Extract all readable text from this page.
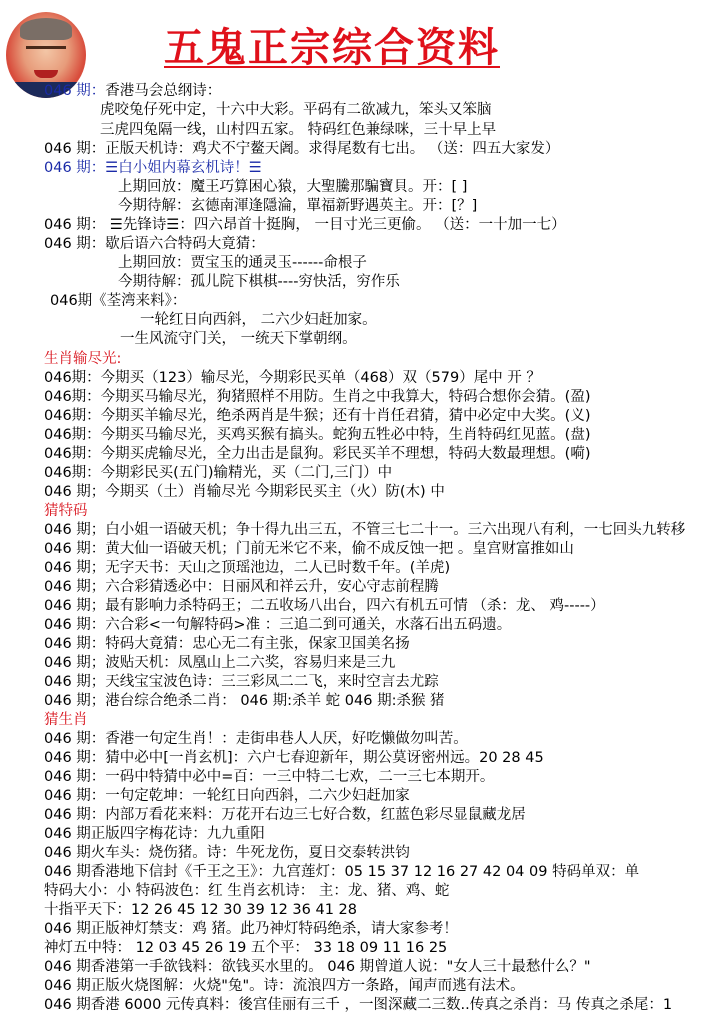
五鬼正宗综合资料
046 期：香港马会总纲诗：
虎咬兔仔死中定，十六中大彩。平码有二欲减九，笨头又笨脑
三虎四兔隔一线，山村四五家。 特码红色兼绿咪，三十早上早
046 期：正版天机诗：鸡犬不宁鳌天阇。求得尾数有七出。 （送：四五大家发）
046 期：☰白小姐内幕玄机诗！☰
上期回放：魔王巧算困心猿，大聖騰那騙寶貝。开：[ ]
今期待解：玄德南渾逢隱淪，單福新野遇英主。开：[？]
046 期： ☰先锋诗☰：四六昂首十挺胸， 一目寸光三更偷。 （送：一十加一七）
046 期：歇后语六合特码大竟猜：
上期回放：贾宝玉的通灵玉------命根子
今期待解：孤儿院下棋棋----穷快活，穷作乐
046期《荃湾来料》：
一轮红日向西斜， 二六少妇赶加家。
一生风流守门关， 一统天下掌朝纲。
生肖输尽光:
046期：今期买（123）输尽光，今期彩民买单（468）双（579）尾中 开 ？
046期：今期买马输尽光，狗猪照样不用防。生肖之中我算大，特码合想你会猜。(盈)
046期：今期买羊输尽光，绝杀两肖是牛猴；还有十肖任君猜，猜中必定中大奖。(义)
046期：今期买马输尽光，买鸡买猴有搞头。蛇狗五牲必中特，生肖特码红见蓝。(盘)
046期：今期买虎输尽光，全力出击是鼠狗。彩民买羊不理想，特码大数最理想。(嗬)
046期：今期彩民买(五门)输精光，买（二门,三门）中
046 期；今期买（土）肖输尽光 今期彩民买主（火）防(木) 中
猜特码
046 期；白小姐一语破天机；争十得九出三五，不管三七二十一。三六出现八有利，一七回头九转移
046 期：黄大仙一语破天机；门前无米它不来，偷不成反蚀一把 。皇宫财富推如山
046 期；无字天书：天山之顶瑶池边，二人已时数千年。(羊虎)
046 期；六合彩猜透必中：日丽风和祥云升，安心守志前程腾
046 期；最有影响力杀特码王；二五收场八出台，四六有机五可情 （杀：龙、 鸡-----）
046 期：六合彩<一句解特码>准 ：三追二到可通关，水落石出五码遗。
046 期：特码大竟猜：忠心无二有主张，保家卫国美名扬
046 期；波贴天机：凤凰山上二六奖，容易归来是三九
046 期；天线宝宝波色诗：三三彩凤二二飞，来时空言去尤踪
046 期；港台综合绝杀二肖： 046 期:杀羊 蛇 046 期:杀猴 猪
猜生肖
046 期：香港一句定生肖！：走街串巷人人厌，好吃懒做勿叫苦。
046 期：猜中必中[一肖玄机]：六户七春迎新年，期公莫讶密州远。20 28 45
046 期：一码中特猜中必中=百：一三中特二七欢，二一三七本期开。
046 期：一句定乾坤：一轮红日向西斜，二六少妇赶加家
046 期：内部万看花来料：万花开右边三七好合数，红蓝色彩尽显鼠藏龙居
046 期正版四字梅花诗：九九重阳
046 期火车头：烧伤猪。诗：牛死龙伤，夏日交泰转洪钧
046 期香港地下信封《千王之王》：九宫莲灯：05 15 37 12 16 27 42 04 09 特码单双：单
特码大小：小 特码波色：红 生肖玄机诗： 主：龙、猪、鸡、蛇
十指平天下：12 26 45 12 30 39 12 36 41 28
046 期正版神灯禁支：鸡 猪。此乃神灯特码绝杀，请大家参考！
神灯五中特： 12 03 45 26 19 五个平： 33 18 09 11 16 25
046 期香港第一手欲钱料：欲钱买水里的。 046 期曾道人说："女人三十最愁什么？"
046 期正版火烧图解：火烧"兔"。诗：流浪四方一条路，闻声而逃有法术。
046 期香港 6000 元传真料：後宫佳丽有三千 ，一图深藏二三数..传真之杀肖：马 传真之杀尾：1
